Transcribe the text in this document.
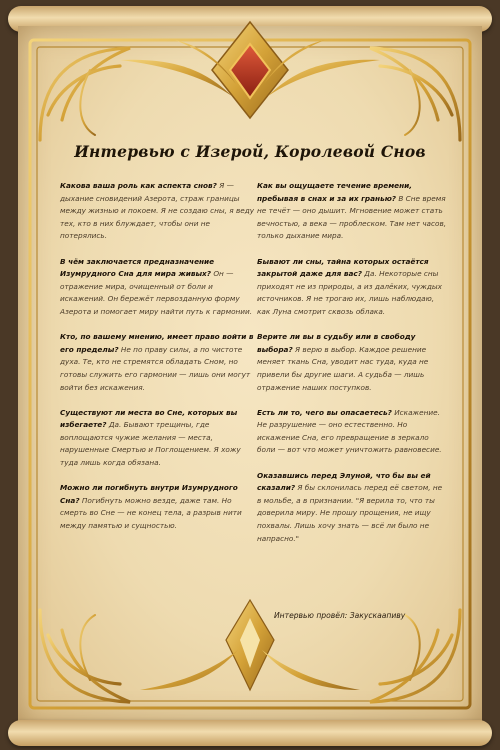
Интервью с Изерой, Королевой Снов
Какова ваша роль как аспекта снов? Я — дыхание сновидений Азерота, страж границы между жизнью и покоем. Я не создаю сны, я веду тех, кто в них блуждает, чтобы они не потерялись.
В чём заключается предназначение Изумрудного Сна для мира живых? Он — отражение мира, очищенный от боли и искажений. Он бережёт первозданную форму Азерота и помогает миру найти путь к гармонии.
Кто, по вашему мнению, имеет право войти в его пределы? Не по праву силы, а по чистоте духа. Те, кто не стремятся обладать Сном, но готовы служить его гармонии — лишь они могут войти без искажения.
Существуют ли места во Сне, которых вы избегаете? Да. Бывают трещины, где воплощаются чужие желания — места, нарушенные Смертью и Поглощением. Я хожу туда лишь когда обязана.
Можно ли погибнуть внутри Изумрудного Сна? Погибнуть можно везде, даже там. Но смерть во Сне — не конец тела, а разрыв нити между памятью и сущностью.
Как вы ощущаете течение времени, пребывая в снах и за их гранью? В Сне время не течёт — оно дышит. Мгновение может стать вечностью, а века — проблеском. Там нет часов, только дыхание мира.
Бывают ли сны, тайна которых остаётся закрытой даже для вас? Да. Некоторые сны приходят не из природы, а из далёких, чуждых источников. Я не трогаю их, лишь наблюдаю, как Луна смотрит сквозь облака.
Верите ли вы в судьбу или в свободу выбора? Я верю в выбор. Каждое решение меняет ткань Сна, уводит нас туда, куда не привели бы другие шаги. А судьба — лишь отражение наших поступков.
Есть ли то, чего вы опасаетесь? Искажение. Не разрушение — оно естественно. Но искажение Сна, его превращение в зеркало боли — вот что может уничтожить равновесие.
Оказавшись перед Элуной, что бы вы ей сказали? Я бы склонилась перед её светом, не в мольбе, а в признании. "Я верила то, что ты доверила миру. Не прошу прощения, не ищу похвалы. Лишь хочу знать — всё ли было не напрасно."
Интервью провёл: Закускаапиву
